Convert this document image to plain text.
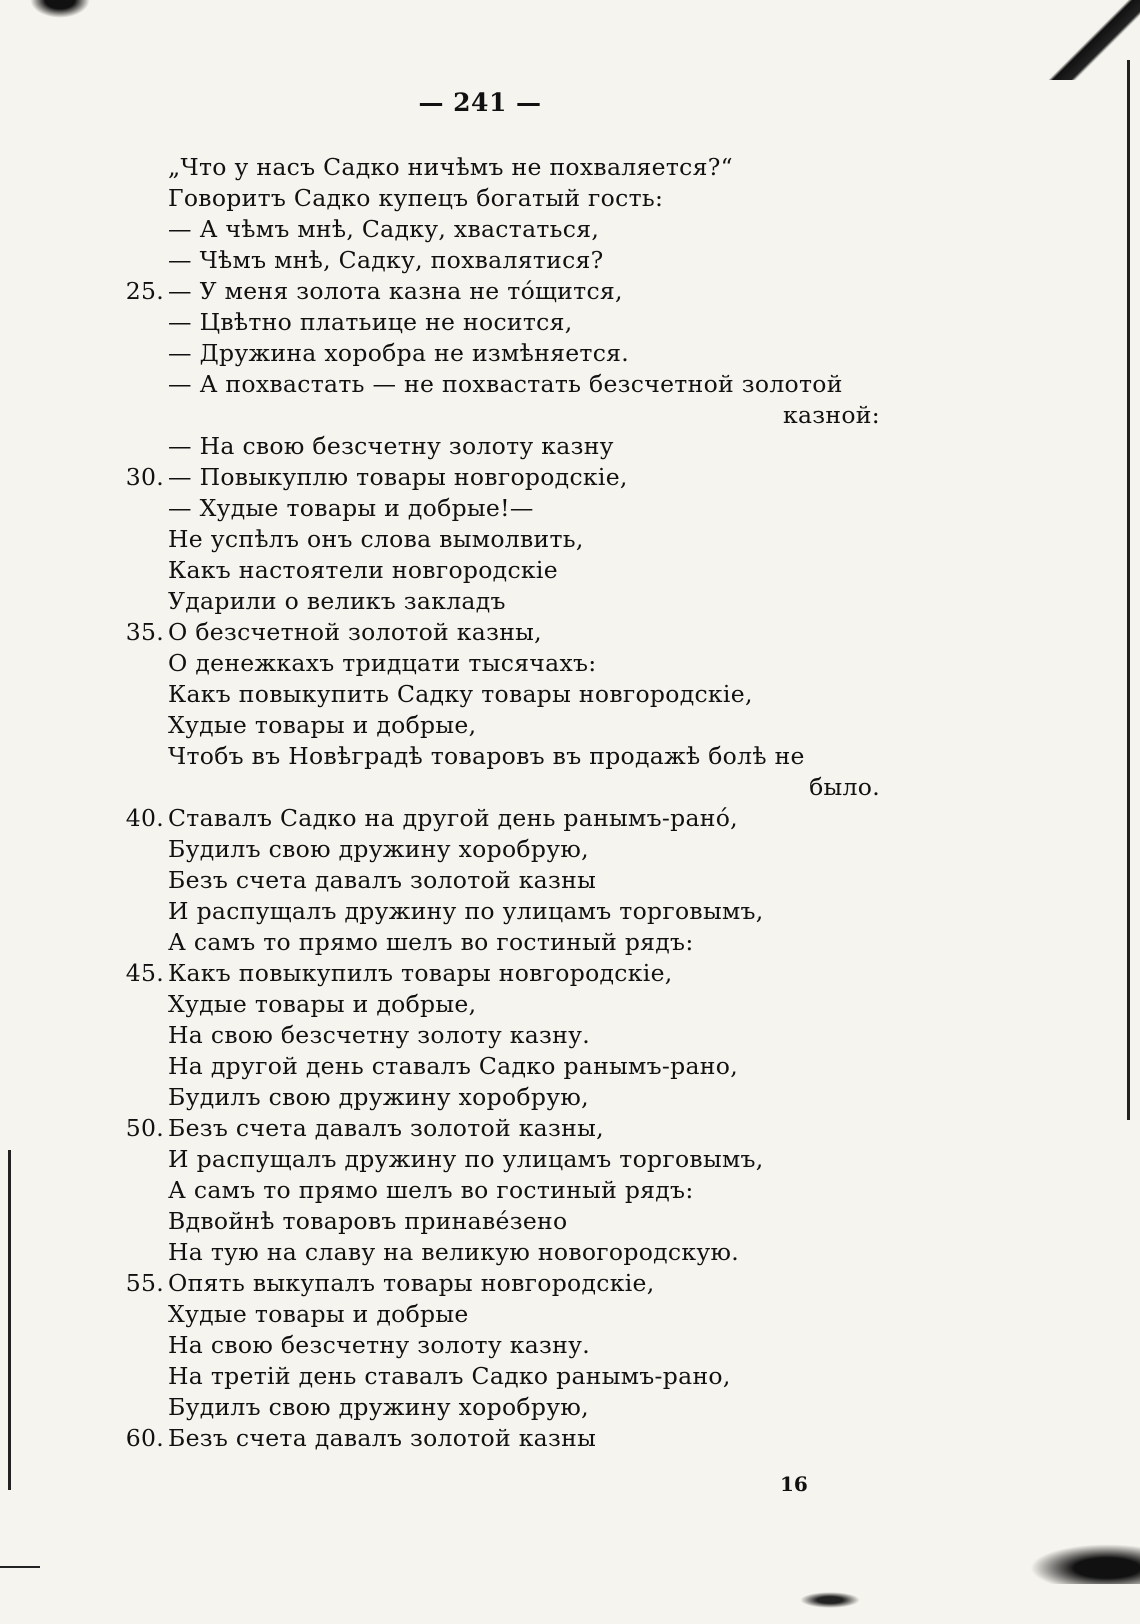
— 241 —
„Что у насъ Садко ничѣмъ не похваляется?“
Говоритъ Садко купецъ богатый гость:
— А чѣмъ мнѣ, Садку, хвастаться,
— Чѣмъ мнѣ, Садку, похвалятися?
25. — У меня золота казна не тóщится,
— Цвѣтно платьице не носится,
— Дружина хоробра не измѣняется.
— А похвастать — не похвастать безсчетной золотой
казной:
— На свою безсчетну золоту казну
30. — Повыкуплю товары новгородскіе,
— Худые товары и добрые!—
Не успѣлъ онъ слова вымолвить,
Какъ настоятели новгородскіе
Ударили о великъ закладъ
35. О безсчетной золотой казны,
О денежкахъ тридцати тысячахъ:
Какъ повыкупить Садку товары новгородскіе,
Худые товары и добрые,
Чтобъ въ Новѣградѣ товаровъ въ продажѣ болѣ не
было.
40. Ставалъ Садко на другой день ранымъ-ранó,
Будилъ свою дружину хоробрую,
Безъ счета давалъ золотой казны
И распущалъ дружину по улицамъ торговымъ,
А самъ то прямо шелъ во гостиный рядъ:
45. Какъ повыкупилъ товары новгородскіе,
Худые товары и добрые,
На свою безсчетну золоту казну.
На другой день ставалъ Садко ранымъ-рано,
Будилъ свою дружину хоробрую,
50. Безъ счета давалъ золотой казны,
И распущалъ дружину по улицамъ торговымъ,
А самъ то прямо шелъ во гостиный рядъ:
Вдвойнѣ товаровъ принавéзено
На тую на славу на великую новогородскую.
55. Опять выкупалъ товары новгородскіе,
Худые товары и добрые
На свою безсчетну золоту казну.
На третій день ставалъ Садко ранымъ-рано,
Будилъ свою дружину хоробрую,
60. Безъ счета давалъ золотой казны
16
